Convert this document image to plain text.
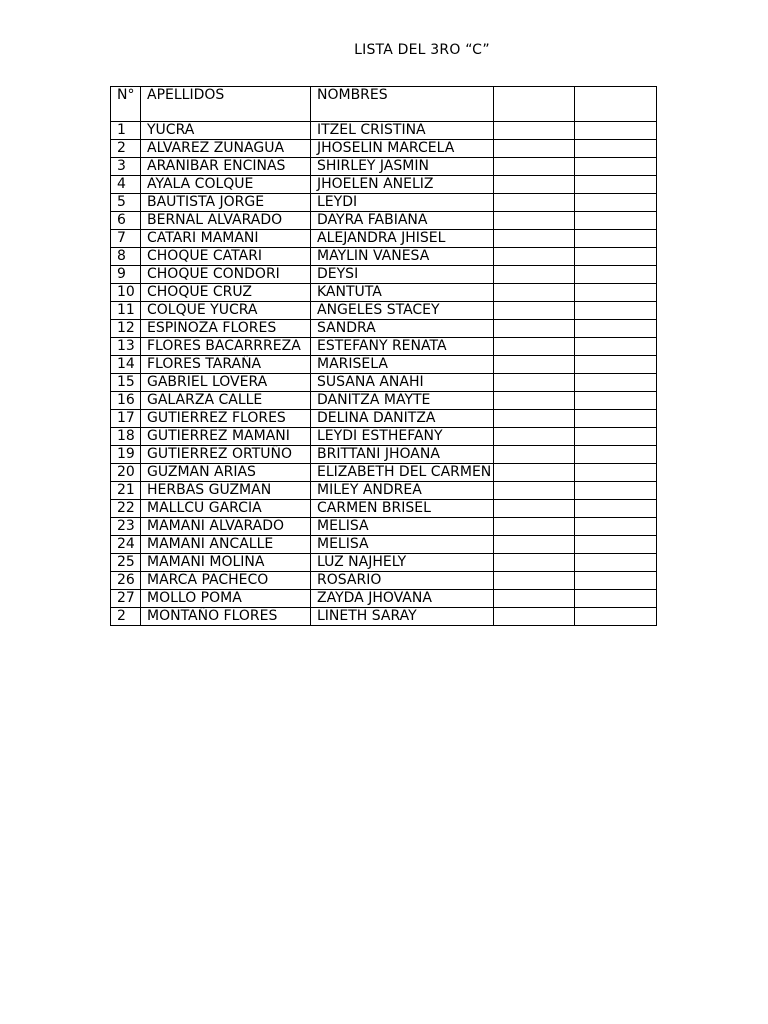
LISTA DEL 3RO “C”
N°	APELLIDOS	NOMBRES		
1	YUCRA	ITZEL CRISTINA		
2	ALVAREZ ZUNAGUA	JHOSELIN MARCELA		
3	ARANIBAR ENCINAS	SHIRLEY JASMIN		
4	AYALA COLQUE	JHOELEN ANELIZ		
5	BAUTISTA JORGE	LEYDI		
6	BERNAL ALVARADO	DAYRA FABIANA		
7	CATARI MAMANI	ALEJANDRA JHISEL		
8	CHOQUE CATARI	MAYLIN VANESA		
9	CHOQUE CONDORI	DEYSI		
10	CHOQUE CRUZ	KANTUTA		
11	COLQUE YUCRA	ANGELES STACEY		
12	ESPINOZA FLORES	SANDRA		
13	FLORES BACARRREZA	ESTEFANY RENATA		
14	FLORES TARAÑA	MARISELA		
15	GABRIEL LOVERA	SUSANA ANAHI		
16	GALARZA CALLE	DANITZA MAYTE		
17	GUTIERREZ FLORES	DELINA DANITZA		
18	GUTIERREZ MAMANI	LEYDI ESTHEFANY		
19	GUTIERREZ ORTUÑO	BRITTANI JHOANA		
20	GUZMAN ARIAS	ELIZABETH DEL CARMEN		
21	HERBAS GUZMAN	MILEY ANDREA		
22	MALLCU GARCIA	CARMEN BRISEL		
23	MAMANI ALVARADO	MELISA		
24	MAMANI ANCALLE	MELISA		
25	MAMANI MOLINA	LUZ NAJHELY		
26	MARCA PACHECO	ROSARIO		
27	MOLLO POMA	ZAYDA JHOVANA		
2	MONTAÑO FLORES	LINETH SARAY		
